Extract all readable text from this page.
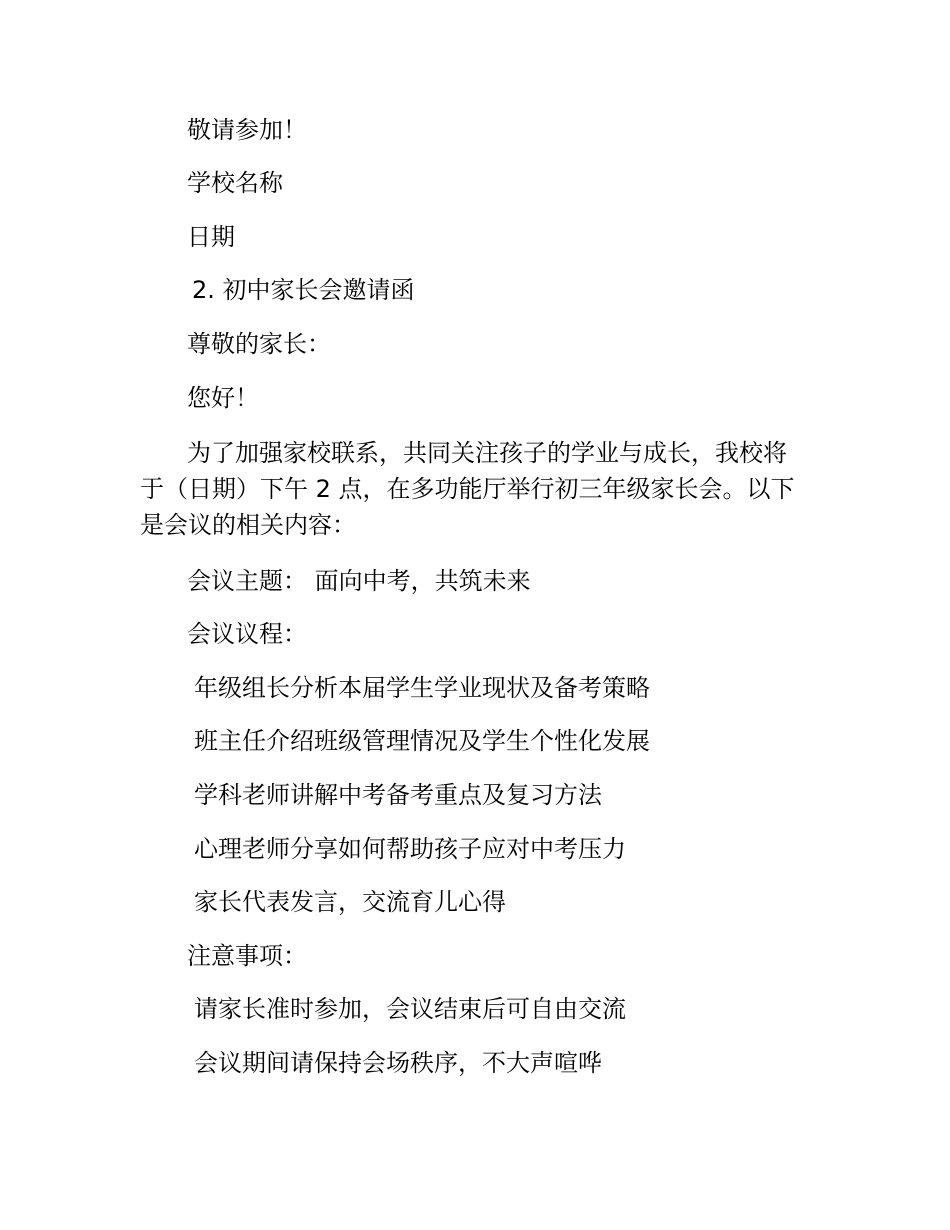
敬请参加！

学校名称

日期

2. 初中家长会邀请函

尊敬的家长：

您好！

为了加强家校联系，共同关注孩子的学业与成长，我校将
于（日期）下午 2 点，在多功能厅举行初三年级家长会。以下
是会议的相关内容：

会议主题： 面向中考，共筑未来

会议议程：

年级组长分析本届学生学业现状及备考策略

班主任介绍班级管理情况及学生个性化发展

学科老师讲解中考备考重点及复习方法

心理老师分享如何帮助孩子应对中考压力

家长代表发言，交流育儿心得

注意事项：

请家长准时参加，会议结束后可自由交流

会议期间请保持会场秩序，不大声喧哗
